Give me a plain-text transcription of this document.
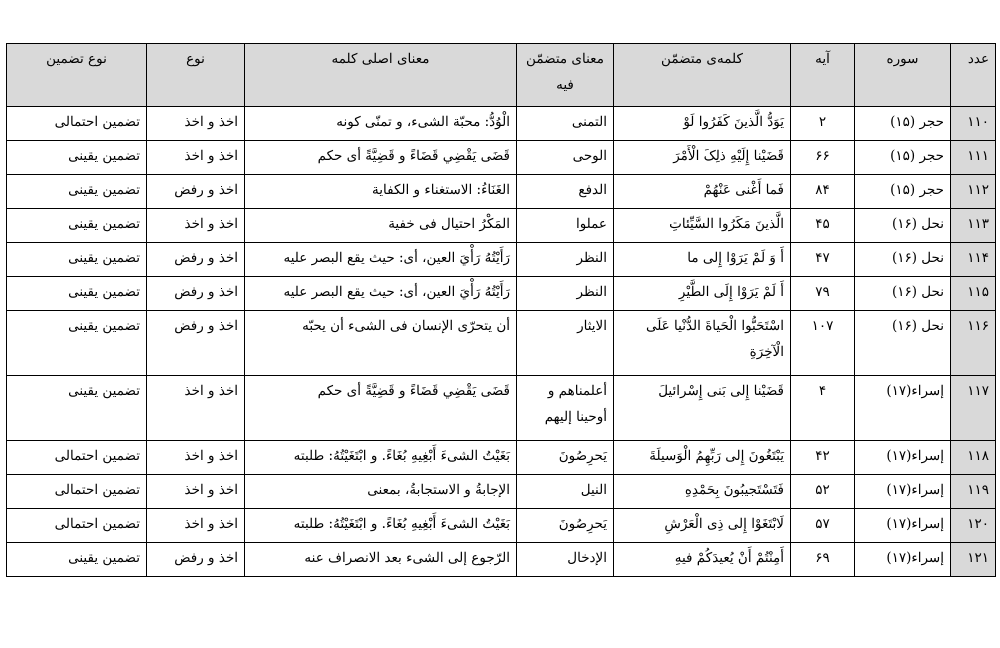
عدد	سوره	آیه	کلمه‌ی متضمّن	معنای متضمّن فیه	معنای اصلی کلمه	نوع	نوع تضمین
۱۱۰	حجر (۱۵)	۲	یَوَدُّ الَّذینَ کَفَرُوا لَوْ	التمنی	الْوُدُّ: محبّة الشیء، و تمنّی کونه	اخذ و اخذ	تضمین احتمالی
۱۱۱	حجر (۱۵)	۶۶	قَضَیْنا إِلَیْهِ ذلِکَ الْأَمْرَ	الوحی	قَضَى يَقْضِي قَضَاءً و قَضِيَّةً أی حکم	اخذ و اخذ	تضمین یقینی
۱۱۲	حجر (۱۵)	۸۴	فَما أَغْنی عَنْهُمْ	الدفع	الغَنَاءُ: الاستغناء و الکفایة	اخذ و رفض	تضمین یقینی
۱۱۳	نحل (۱۶)	۴۵	الَّذینَ مَکَرُوا السَّیِّئاتِ	عملوا	المَكْرُ احتیال فی خفیة	اخذ و اخذ	تضمین یقینی
۱۱۴	نحل (۱۶)	۴۷	أَ وَ لَمْ یَرَوْا إِلی ما	النظر	رَأَيْتُهُ رَأْيَ العین، أی: حیث یقع البصر علیه	اخذ و رفض	تضمین یقینی
۱۱۵	نحل (۱۶)	۷۹	أَ لَمْ یَرَوْا إِلَی الطَّیْرِ	النظر	رَأَيْتُهُ رَأْيَ العین، أی: حیث یقع البصر علیه	اخذ و رفض	تضمین یقینی
۱۱۶	نحل (۱۶)	۱۰۷	اسْتَحَبُّوا الْحَیاةَ الدُّنْیا عَلَی الْآخِرَةِ	الایثار	أن یتحرّى الإنسان فی الشیء أن یحبّه	اخذ و رفض	تضمین یقینی
۱۱۷	إسراء(۱۷)	۴	قَضَیْنا إِلی بَنی إِسْرائیلَ	أعلمناهم و أوحینا إلیهم	قَضَى يَقْضِي قَضَاءً و قَضِيَّةً أی حکم	اخذ و اخذ	تضمین یقینی
۱۱۸	إسراء(۱۷)	۴۲	یَبْتَغُونَ إِلی رَبِّهِمُ الْوَسیلَةَ	یَحرِصُونَ	بَغَيْتُ الشیءَ أَبْغِيهِ بُغَاءً. و ابْتَغَيْتُهُ: طلبته	اخذ و اخذ	تضمین احتمالی
۱۱۹	إسراء(۱۷)	۵۲	فَتَسْتَجیبُونَ بِحَمْدِهِ	النیل	الإجابةُ و الاستجابةُ، بمعنی	اخذ و اخذ	تضمین احتمالی
۱۲۰	إسراء(۱۷)	۵۷	لَابْتَغَوْا إِلی ذِی الْعَرْشِ	یَحرِصُونَ	بَغَيْتُ الشیءَ أَبْغِيهِ بُغَاءً. و ابْتَغَيْتُهُ: طلبته	اخذ و اخذ	تضمین احتمالی
۱۲۱	إسراء(۱۷)	۶۹	أَمِنْتُمْ أَنْ یُعیدَکُمْ فیهِ	الإدخال	الرّجوع إلی الشیء بعد الانصراف عنه	اخذ و رفض	تضمین یقینی
